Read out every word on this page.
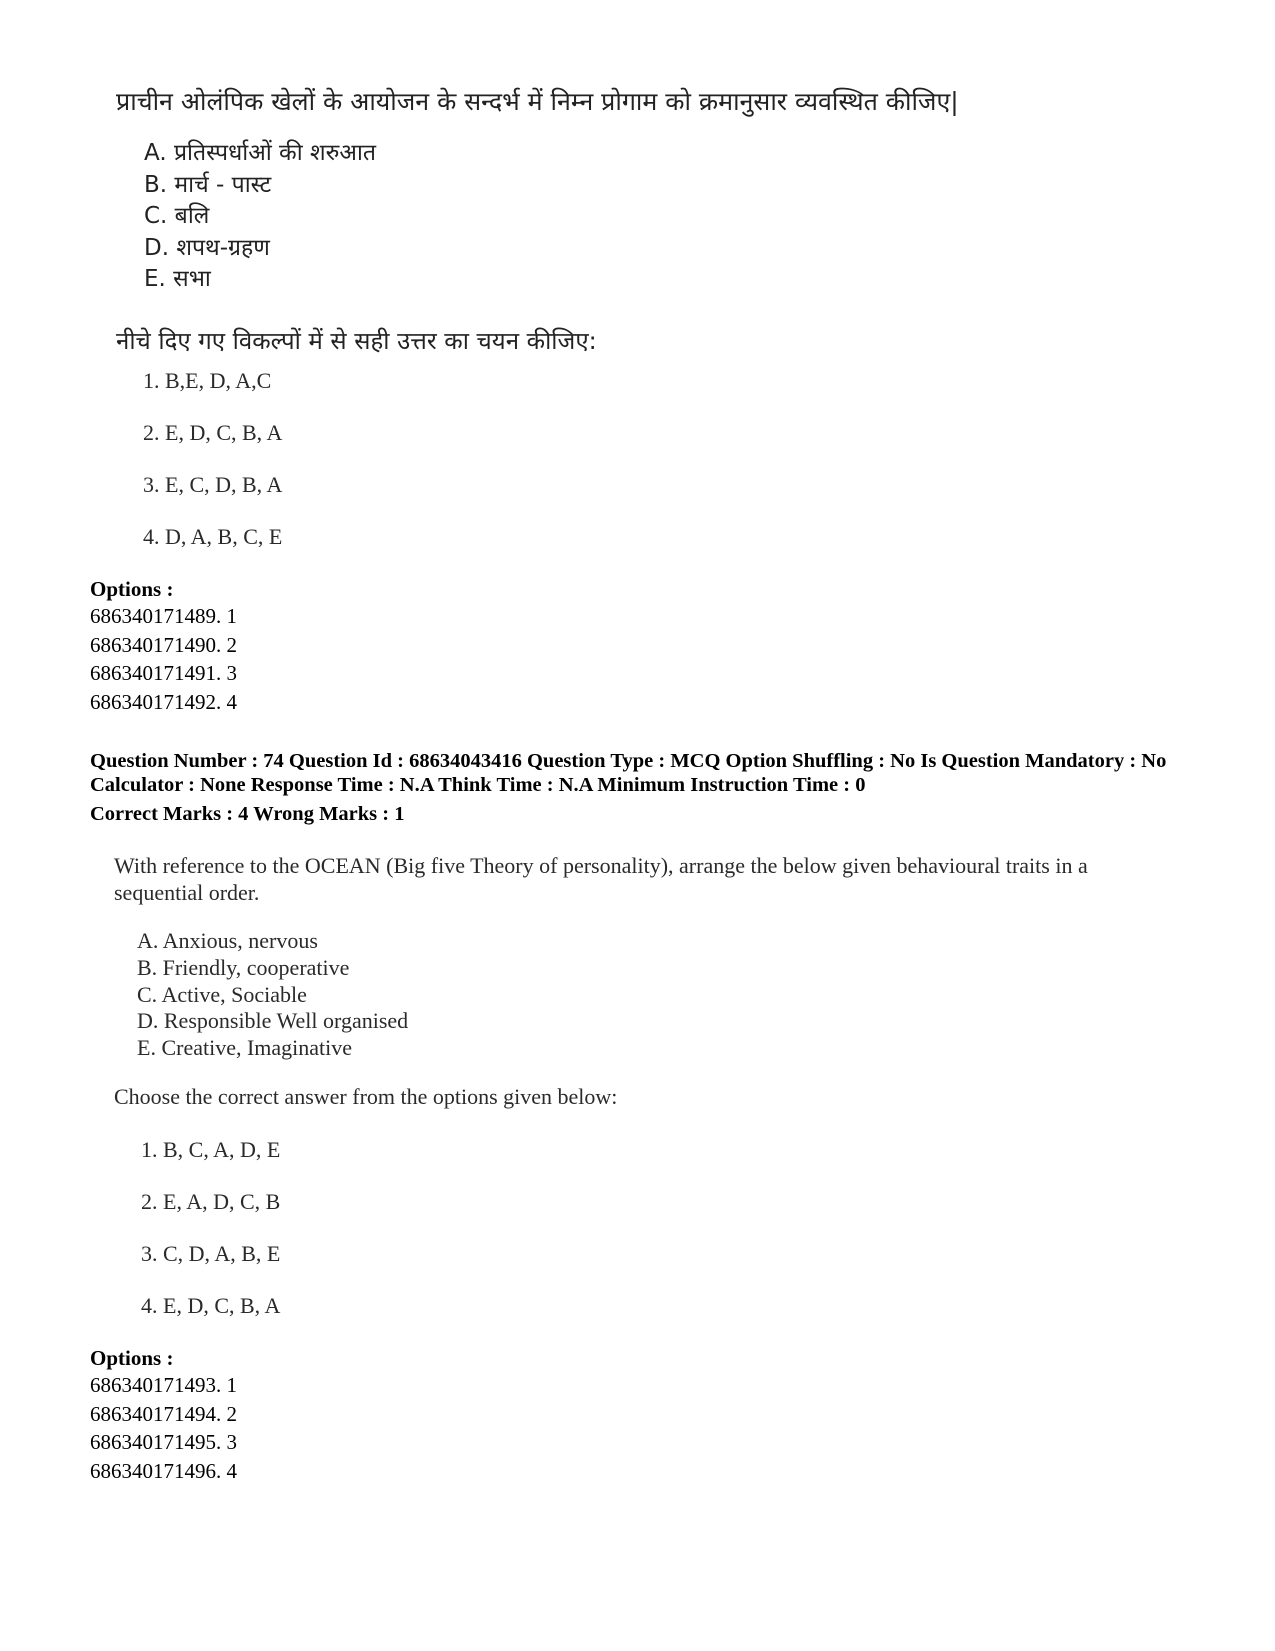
प्राचीन ओलंपिक खेलों के आयोजन के सन्दर्भ में निम्न प्रोगाम को क्रमानुसार व्यवस्थित कीजिए|
A. प्रतिस्पर्धाओं की शरुआत
B. मार्च - पास्ट
C. बलि
D. शपथ-ग्रहण
E. सभा
नीचे दिए गए विकल्पों में से सही उत्तर का चयन कीजिए:
1. B,E, D, A,C
2. E, D, C, B, A
3. E, C, D, B, A
4. D, A, B, C, E
Options :
686340171489. 1
686340171490. 2
686340171491. 3
686340171492. 4
Question Number : 74 Question Id : 68634043416 Question Type : MCQ Option Shuffling : No Is Question Mandatory : No Calculator : None Response Time : N.A Think Time : N.A Minimum Instruction Time : 0
Correct Marks : 4 Wrong Marks : 1
With reference to the OCEAN (Big five Theory of personality), arrange the below given behavioural traits in a sequential order.
A. Anxious, nervous
B. Friendly, cooperative
C. Active, Sociable
D. Responsible Well organised
E. Creative, Imaginative
Choose the correct answer from the options given below:
1. B, C, A, D, E
2. E, A, D, C, B
3. C, D, A, B, E
4. E, D, C, B, A
Options :
686340171493. 1
686340171494. 2
686340171495. 3
686340171496. 4
